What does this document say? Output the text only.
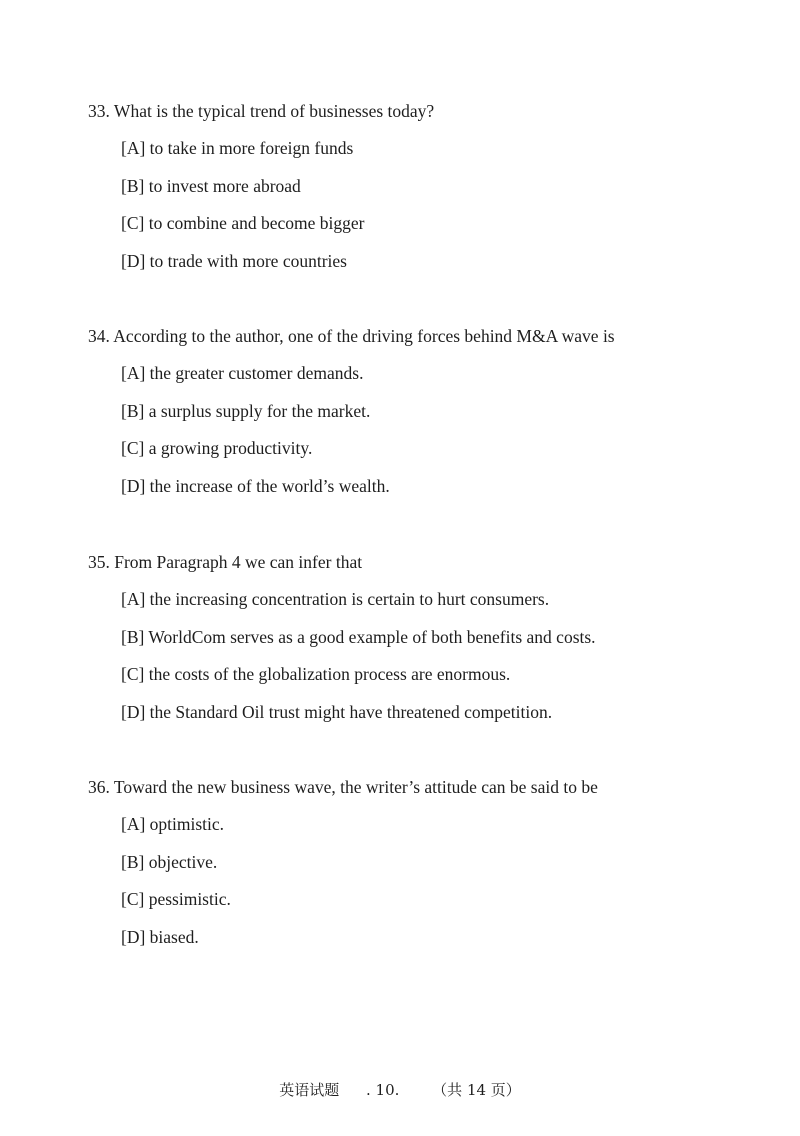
33. What is the typical trend of businesses today?

[A] to take in more foreign funds

[B] to invest more abroad

[C] to combine and become bigger

[D] to trade with more countries

34. According to the author, one of the driving forces behind M&A wave is

[A] the greater customer demands.

[B] a surplus supply for the market.

[C] a growing productivity.

[D] the increase of the world’s wealth.

35. From Paragraph 4 we can infer that

[A] the increasing concentration is certain to hurt consumers.

[B] WorldCom serves as a good example of both benefits and costs.

[C] the costs of the globalization process are enormous.

[D] the Standard Oil trust might have threatened competition.

36. Toward the new business wave, the writer’s attitude can be said to be

[A] optimistic.

[B] objective.

[C] pessimistic.

[D] biased.

英语试题 . 10. （共 14 页）
